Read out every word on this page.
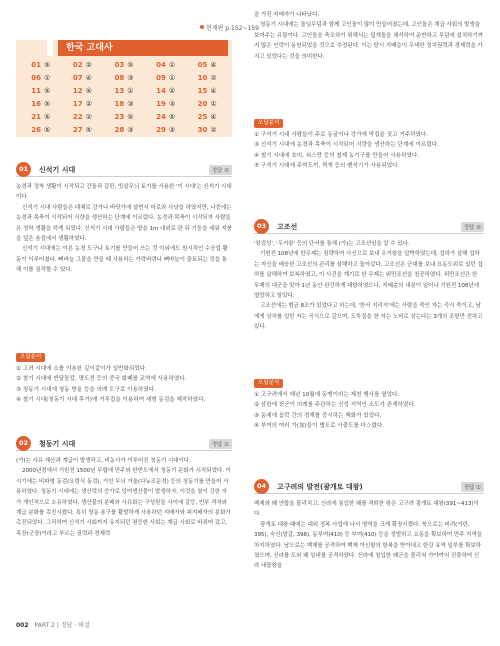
현재편 p.152~159
한국 고대사
01 ⑤	02 ②	03 ⑤	04 ①	05 ④
06 ①	07 ④	08 ③	09 ①	10 ②
11 ⑤	12 ⑤	13 ①	14 ②	15 ④
16 ⑤	17 ②	18 ③	19 ③	20 ①
21 ⑤	22 ②	23 ⑤	24 ⑤	25 ④
26 ⑤	27 ⑤	28 ③	29 ③	30 ②
01	신석기 시대	정답 ⑤

농경과 정착 생활이 시작되고 간돌과 갈판, 빗살무늬 토기를 사용한 '이 시대'는 신석기 시대이다.

신석기 시대 사람들은 대체로 강가나 바닷가에 살면서 어로와 사냥을 하였지만, 나중에는 농경과 목축이 시작되어 식량을 생산하는 단계에 이르렀다. 농경과 목축이 시작되자 사람들은 정착 생활을 하게 되었다. 신석기 시대 사람들은 땅을 1m 내외로 판 뒤 기둥을 세워 지붕을 덮은 움집에서 생활하였다.

신석기 시대에는 이른 농경 도구나 토기를 만들어 쓰는 것 이외에도 원시적인 수공업 활동이 이루어졌다. 뼈바늘 그물을 만들 때 사용하는 가락바퀴나 뼈바늘이 출토되는 것을 통해 이를 짐작할 수 있다.

오답분석

① 고려 시대에 소를 이용한 깊이갈이가 일반화되었다.

② 철기 시대에 반달돌칼, 명도전 등의 중국 화폐를 교역에 사용하였다.

③ 청동기 시대에 청동 방울 등을 의례 도구로 이용하였다.

④ 철기 시대(청동기 시대 후기)에 거푸집을 이용하여 세형 동검을 제작하였다.

02	철동기 시대	정답 ②

(가)는 사유 재산과 계급이 발생하고, 비농사가 이루어진 청동기 시대이다.

2000년경에서 기원전 1500년 무렵에 만주와 한반도에서 청동기 문화가 시작되었다. 이 시기에는 비파형 동검(요령식 동검), 거친 무늬 거울(다뉴조문경) 등의 청동기를 만들어 사용하였다. 청동기 시대에는 생산력의 증가로 잉여생산물이 발생하자, 이것을 힘이 강한 자가 개인적으로 소유하였다. 생산물의 분배와 사유화는 구성원들 사이에 갈등, 빈부 격차와 계급 분화를 촉진시켰다. 특히 청동 용구를 활발하게 사용하던 지배자와 피지배자의 분화가 촉진되었다. 그리하여 신석기 사회까지 유지되던 평등한 사회는 계급 사회로 바뀌어 갔고, 족장(군장)이라고 부르는 권력과 경제력

을 가진 지배자가 나타났다.

청동기 시대에는 돌널무덤과 함께 고인돌이 많이 만들어졌는데, 고인돌은 계급 사회의 발생을 보여주는 유물이다. 고인돌을 축조하기 위해서는 덮개돌을 채석하여 운반하고 무덤에 설치하기까지 많은 인력이 동원되었을 것으로 추정된다. 이는 당시 지배층이 우세한 정치권력과 경제력을 가지고 있었다는 것을 의미한다.

오답분석

① 구석기 시대 사람들이 주로 동굴이나 강가에 막집을 짓고 거주하였다.

③ 신석기 시대에 농경과 목축이 시작되어 식량을 생산하는 단계에 이르렀다.

④ 철기 시대에 호미, 쇠스랑 등의 철제 농기구를 만들어 사용하였다.

⑤ 구석기 시대에 주먹도끼, 찍개 등의 뗀석기가 사용되었다.

03	고조선	정답 ⑤

'왕검성', '우거왕' 등의 단서를 통해 (가)는 고조선임을 알 수 있다.

기원전 108년에 한무제는 침략하여 사신으로 보내 우거왕을 압박하였는데, 섭하가 살해 섭하는 자신을 배웅한 고조선의 관리를 살해하고 돌아갔다. 고조선은 군대를 보내 요동도위로 있던 섭하를 살해하여 보복하였고, 이 사건을 계기로 한 무제는 위만조선을 침공하였다. 위만조선은 한 무제의 대군을 맞아 1년 동안 완강하게 대항하였으나, 지배층의 내분이 일어나 기원전 108년에 멸망하고 말았다.

고조선에는 범금 8조가 있었다고 하는데, '한서 지리지'에는 사람을 죽인 자는 즉시 죽이고, 남에게 상처를 입힌 자는 곡식으로 갚으며, 도둑질을 한 자는 노비로 삼는다는 3개의 조항만 전하고 있다.

오답분석

① 고구려에서 매년 10월에 동맹이라는 제천 행사를 열었다.

② 삼한에 천군이 의례를 주관하는 신성 지역인 소도가 존재하였다.

③ 동예에 읍락 간의 경계를 중시하는 책화가 있었다.

④ 부여의 여러 가(加)들이 별도로 사출도를 다스렸다.

04	고구려의 발전(광개토 대왕)	정답 ①

백제와 왜 연합을 물리치고, 신라에 침입한 왜를 격퇴한 왕은 고구려 광개토 대왕(391~413)이다.

광개토 대왕 때에는 대외 정복 사업에 나서 영역을 크게 확장시켰다. 북으로는 비려(거란, 395), 숙신(말갈, 398), 동부여(410) 등 부여(410) 등을 정벌하고 요동을 확보하여 만주 지역을 차지하였다. 남으로는 백제를 공격하여 백제 아신왕의 항복을 받아내고 한강 유역 일부를 확보하였으며, 신라를 도와 왜 일대를 공격하였다. 신라에 침입한 왜군을 물리쳐 가야까지 진출하여 신라 내물왕을

002 PART 2 | 정답 · 해설
